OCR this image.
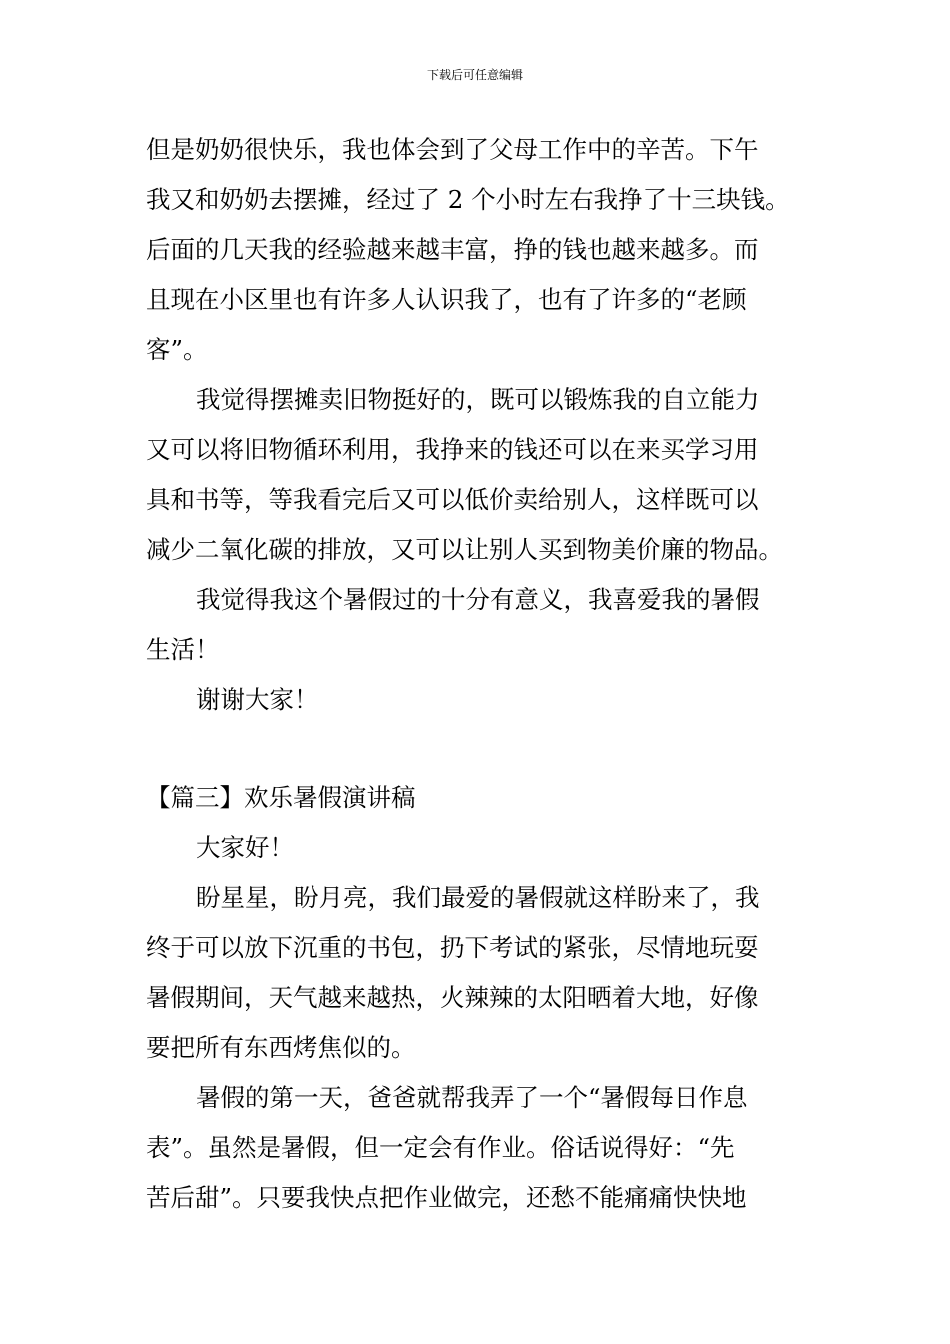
下载后可任意编辑
但是奶奶很快乐，我也体会到了父母工作中的辛苦。下午
我又和奶奶去摆摊，经过了 2 个小时左右我挣了十三块钱。
后面的几天我的经验越来越丰富，挣的钱也越来越多。而
且现在小区里也有许多人认识我了，也有了许多的“老顾
客”。
我觉得摆摊卖旧物挺好的，既可以锻炼我的自立能力
又可以将旧物循环利用，我挣来的钱还可以在来买学习用
具和书等，等我看完后又可以低价卖给别人，这样既可以
减少二氧化碳的排放，又可以让别人买到物美价廉的物品。
我觉得我这个暑假过的十分有意义，我喜爱我的暑假
生活！
谢谢大家！
【篇三】欢乐暑假演讲稿
大家好！
盼星星，盼月亮，我们最爱的暑假就这样盼来了，我
终于可以放下沉重的书包，扔下考试的紧张，尽情地玩耍
暑假期间，天气越来越热，火辣辣的太阳晒着大地，好像
要把所有东西烤焦似的。
暑假的第一天，爸爸就帮我弄了一个“暑假每日作息
表”。虽然是暑假，但一定会有作业。俗话说得好：“先
苦后甜”。只要我快点把作业做完，还愁不能痛痛快快地
